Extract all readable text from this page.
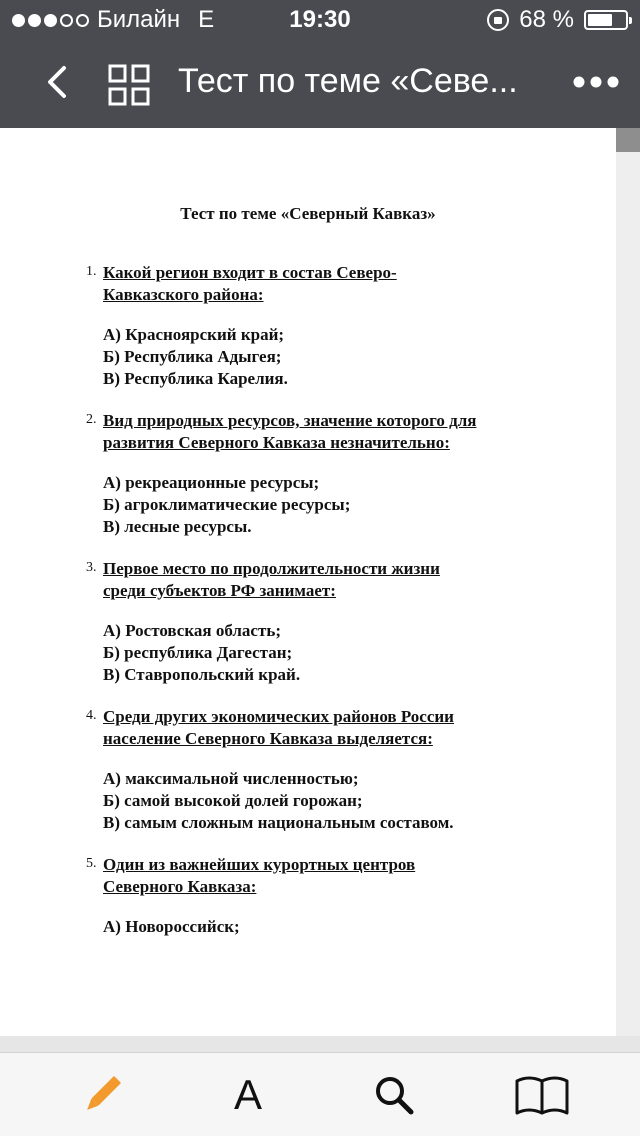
Билайн E	19:30	68 %
Тест по теме «Севе...
Тест по теме «Северный Кавказ»
1. Какой регион входит в состав Северо-
Кавказского района:
А) Красноярский край;
Б) Республика Адыгея;
В) Республика Карелия.
2. Вид природных ресурсов, значение которого для
развития Северного Кавказа незначительно:
А) рекреационные ресурсы;
Б) агроклиматические ресурсы;
В) лесные ресурсы.
3. Первое место по продолжительности жизни
среди субъектов РФ занимает:
А) Ростовская область;
Б) республика Дагестан;
В) Ставропольский край.
4. Среди других экономических районов России
население Северного Кавказа выделяется:
А) максимальной численностью;
Б) самой высокой долей горожан;
В) самым сложным национальным составом.
5. Один из важнейших курортных центров
Северного Кавказа:
А) Новороссийск;
A
